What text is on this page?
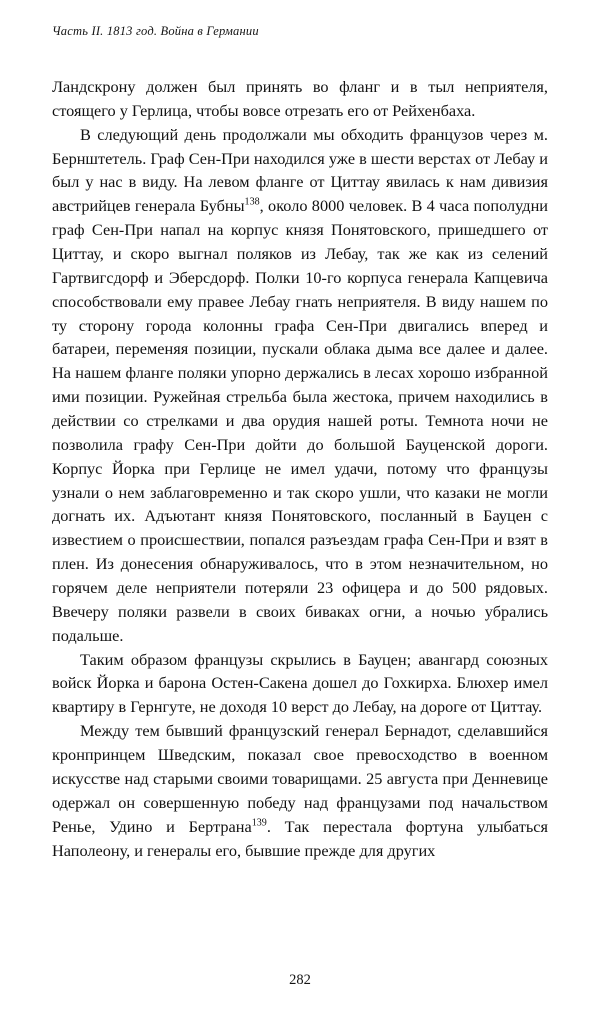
Часть II. 1813 год. Война в Германии

Ландскрону должен был принять во фланг и в тыл неприятеля, стоящего у Герлица, чтобы вовсе отрезать его от Рейхенбаха.

В следующий день продолжали мы обходить французов через м. Бернштетель. Граф Сен-При находился уже в шести верстах от Лебау и был у нас в виду. На левом фланге от Циттау явилась к нам дивизия австрийцев генерала Бубны$^{138}$, около 8000 человек. В 4 часа пополудни граф Сен-При напал на корпус князя Понятовского, пришедшего от Циттау, и скоро выгнал поляков из Лебау, так же как из селений Гартвигсдорф и Эберсдорф. Полки 10-го корпуса генерала Капцевича способствовали ему правее Лебау гнать неприятеля. В виду нашем по ту сторону города колонны графа Сен-При двигались вперед и батареи, переменяя позиции, пускали облака дыма все далее и далее. На нашем фланге поляки упорно держались в лесах хорошо избранной ими позиции. Ружейная стрельба была жестока, причем находились в действии со стрелками и два орудия нашей роты. Темнота ночи не позволила графу Сен-При дойти до большой Бауценской дороги. Корпус Йорка при Герлице не имел удачи, потому что французы узнали о нем заблаговременно и так скоро ушли, что казаки не могли догнать их. Адъютант князя Понятовского, посланный в Бауцен с известием о происшествии, попался разъездам графа Сен-При и взят в плен. Из донесения обнаруживалось, что в этом незначительном, но горячем деле неприятели потеряли 23 офицера и до 500 рядовых. Ввечеру поляки развели в своих биваках огни, а ночью убрались подальше.

Таким образом французы скрылись в Бауцен; авангард союзных войск Йорка и барона Остен-Сакена дошел до Гохкирха. Блюхер имел квартиру в Гернгуте, не доходя 10 верст до Лебау, на дороге от Циттау.

Между тем бывший французский генерал Бернадот, сделавшийся кронпринцем Шведским, показал свое превосходство в военном искусстве над старыми своими товарищами. 25 августа при Денневице одержал он совершенную победу над французами под начальством Ренье, Удино и Бертрана$^{139}$. Так перестала фортуна улыбаться Наполеону, и генералы его, бывшие прежде для других

282
